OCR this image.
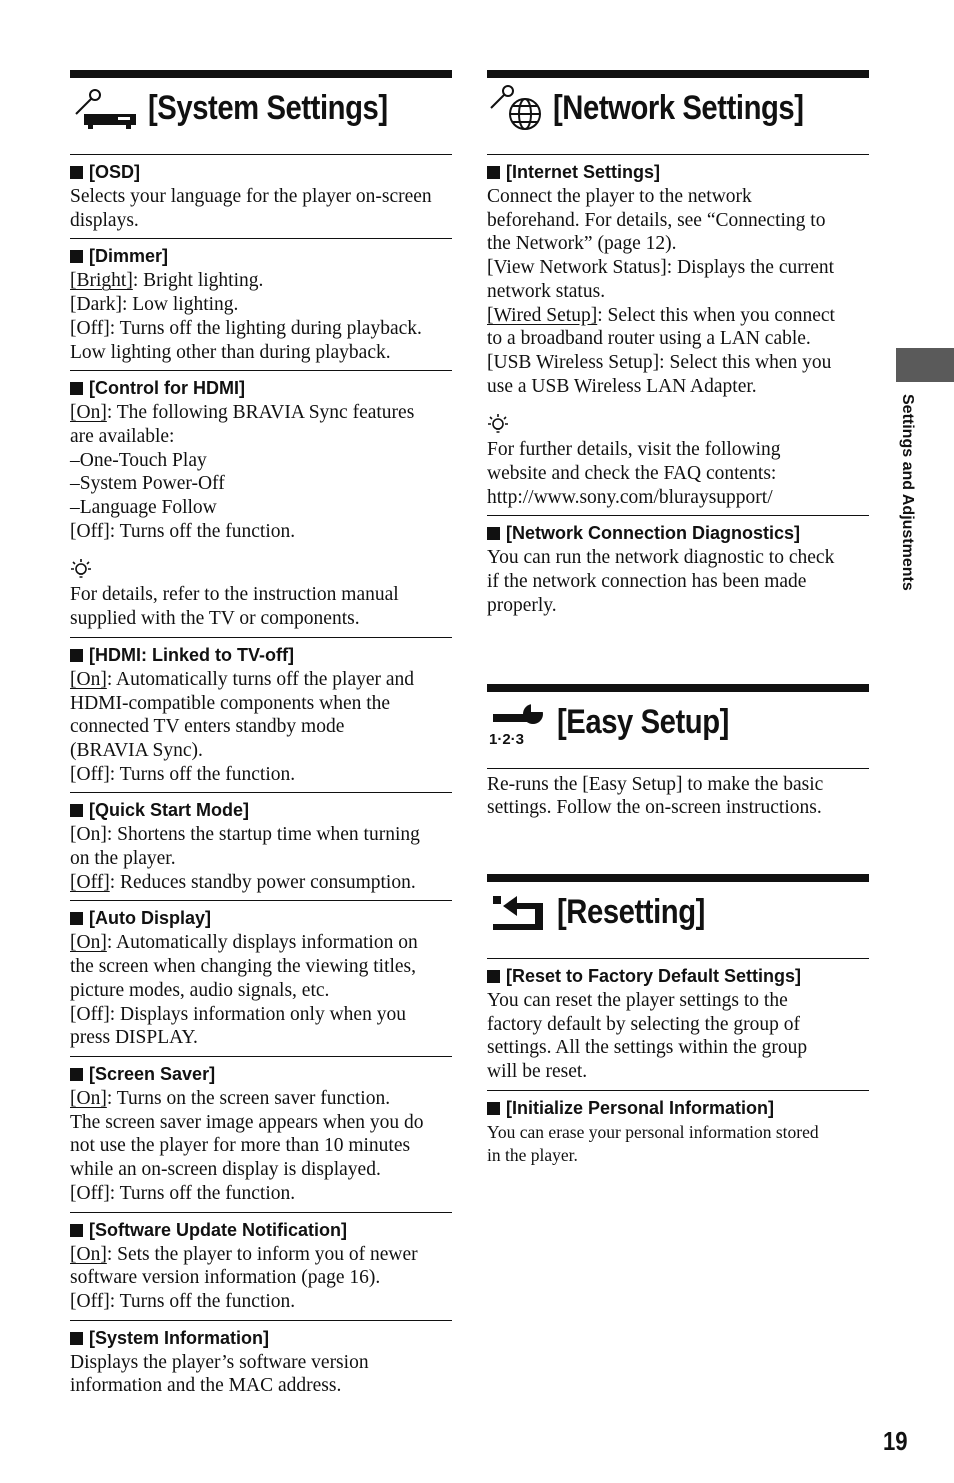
[System Settings]
[OSD]
Selects your language for the player on-screen
displays.
[Dimmer]
[Bright]: Bright lighting.
[Dark]: Low lighting.
[Off]: Turns off the lighting during playback.
Low lighting other than during playback.
[Control for HDMI]
[On]: The following BRAVIA Sync features
are available:
–One-Touch Play
–System Power-Off
–Language Follow
[Off]: Turns off the function.
For details, refer to the instruction manual
supplied with the TV or components.
[HDMI: Linked to TV-off]
[On]: Automatically turns off the player and
HDMI-compatible components when the
connected TV enters standby mode
(BRAVIA Sync).
[Off]: Turns off the function.
[Quick Start Mode]
[On]: Shortens the startup time when turning
on the player.
[Off]: Reduces standby power consumption.
[Auto Display]
[On]: Automatically displays information on
the screen when changing the viewing titles,
picture modes, audio signals, etc.
[Off]: Displays information only when you
press DISPLAY.
[Screen Saver]
[On]: Turns on the screen saver function.
The screen saver image appears when you do
not use the player for more than 10 minutes
while an on-screen display is displayed.
[Off]: Turns off the function.
[Software Update Notification]
[On]: Sets the player to inform you of newer
software version information (page 16).
[Off]: Turns off the function.
[System Information]
Displays the player’s software version
information and the MAC address.
[Network Settings]
[Internet Settings]
Connect the player to the network
beforehand. For details, see “Connecting to
the Network” (page 12).
[View Network Status]: Displays the current
network status.
[Wired Setup]: Select this when you connect
to a broadband router using a LAN cable.
[USB Wireless Setup]: Select this when you
use a USB Wireless LAN Adapter.
For further details, visit the following
website and check the FAQ contents:
http://www.sony.com/bluraysupport/
[Network Connection Diagnostics]
You can run the network diagnostic to check
if the network connection has been made
properly.
1·2·3 [Easy Setup]
Re-runs the [Easy Setup] to make the basic
settings. Follow the on-screen instructions.
[Resetting]
[Reset to Factory Default Settings]
You can reset the player settings to the
factory default by selecting the group of
settings. All the settings within the group
will be reset.
[Initialize Personal Information]
You can erase your personal information stored
in the player.
Settings and Adjustments
19
